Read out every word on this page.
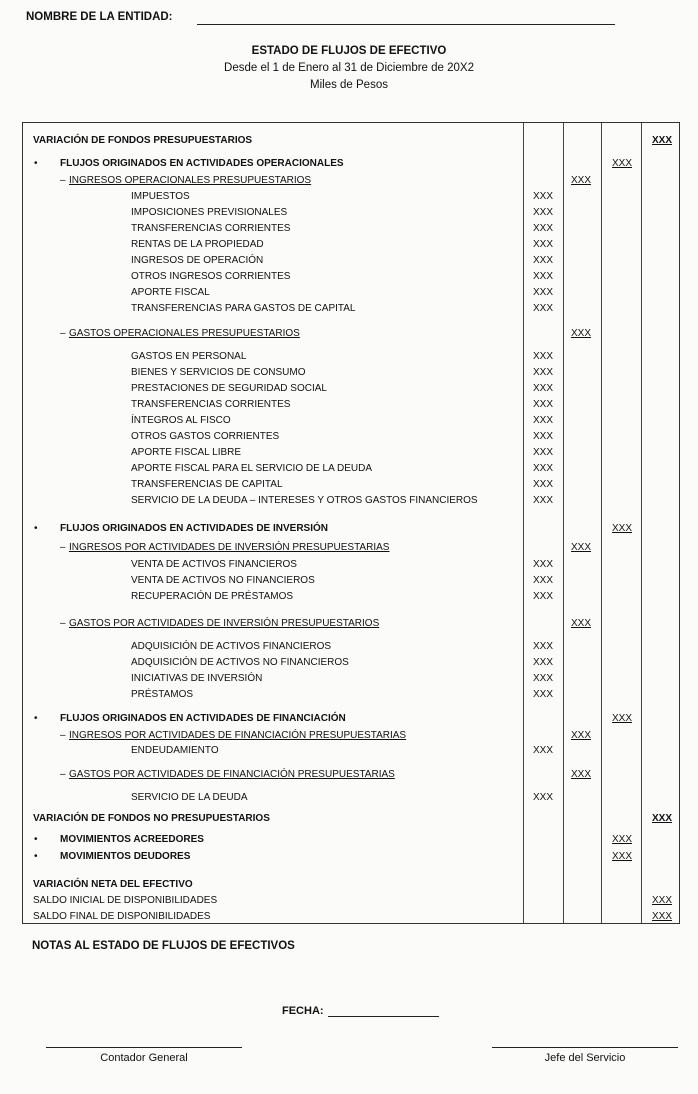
NOMBRE DE LA ENTIDAD:
ESTADO DE FLUJOS DE EFECTIVO
Desde el 1 de Enero al 31 de Diciembre de 20X2
Miles de Pesos
VARIACIÓN DE FONDOS PRESUPUESTARIOS	XXX
• FLUJOS ORIGINADOS EN ACTIVIDADES OPERACIONALES	XXX
– INGRESOS OPERACIONALES PRESUPUESTARIOS	XXX
IMPUESTOS	XXX
IMPOSICIONES PREVISIONALES	XXX
TRANSFERENCIAS CORRIENTES	XXX
RENTAS DE LA PROPIEDAD	XXX
INGRESOS DE OPERACIÓN	XXX
OTROS INGRESOS CORRIENTES	XXX
APORTE FISCAL	XXX
TRANSFERENCIAS PARA GASTOS DE CAPITAL	XXX
– GASTOS OPERACIONALES PRESUPUESTARIOS	XXX
GASTOS EN PERSONAL	XXX
BIENES Y SERVICIOS DE CONSUMO	XXX
PRESTACIONES DE SEGURIDAD SOCIAL	XXX
TRANSFERENCIAS CORRIENTES	XXX
ÍNTEGROS AL FISCO	XXX
OTROS GASTOS CORRIENTES	XXX
APORTE FISCAL LIBRE	XXX
APORTE FISCAL PARA EL SERVICIO DE LA DEUDA	XXX
TRANSFERENCIAS DE CAPITAL	XXX
SERVICIO DE LA DEUDA – INTERESES Y OTROS GASTOS FINANCIEROS	XXX
• FLUJOS ORIGINADOS EN ACTIVIDADES DE INVERSIÓN	XXX
– INGRESOS POR ACTIVIDADES DE INVERSIÓN PRESUPUESTARIAS	XXX
VENTA DE ACTIVOS FINANCIEROS	XXX
VENTA DE ACTIVOS NO FINANCIEROS	XXX
RECUPERACIÓN DE PRÉSTAMOS	XXX
– GASTOS POR ACTIVIDADES DE INVERSIÓN PRESUPUESTARIOS	XXX
ADQUISICIÓN DE ACTIVOS FINANCIEROS	XXX
ADQUISICIÓN DE ACTIVOS NO FINANCIEROS	XXX
INICIATIVAS DE INVERSIÓN	XXX
PRÉSTAMOS	XXX
• FLUJOS ORIGINADOS EN ACTIVIDADES DE FINANCIACIÓN	XXX
– INGRESOS POR ACTIVIDADES DE FINANCIACIÓN PRESUPUESTARIAS	XXX
ENDEUDAMIENTO	XXX
– GASTOS POR ACTIVIDADES DE FINANCIACIÓN PRESUPUESTARIAS	XXX
SERVICIO DE LA DEUDA	XXX
VARIACIÓN DE FONDOS NO PRESUPUESTARIOS	XXX
• MOVIMIENTOS ACREEDORES	XXX
• MOVIMIENTOS DEUDORES	XXX
VARIACIÓN NETA DEL EFECTIVO
SALDO INICIAL DE DISPONIBILIDADES	XXX
SALDO FINAL DE DISPONIBILIDADES	XXX
NOTAS AL ESTADO DE FLUJOS DE EFECTIVOS
FECHA:
Contador General	Jefe del Servicio
